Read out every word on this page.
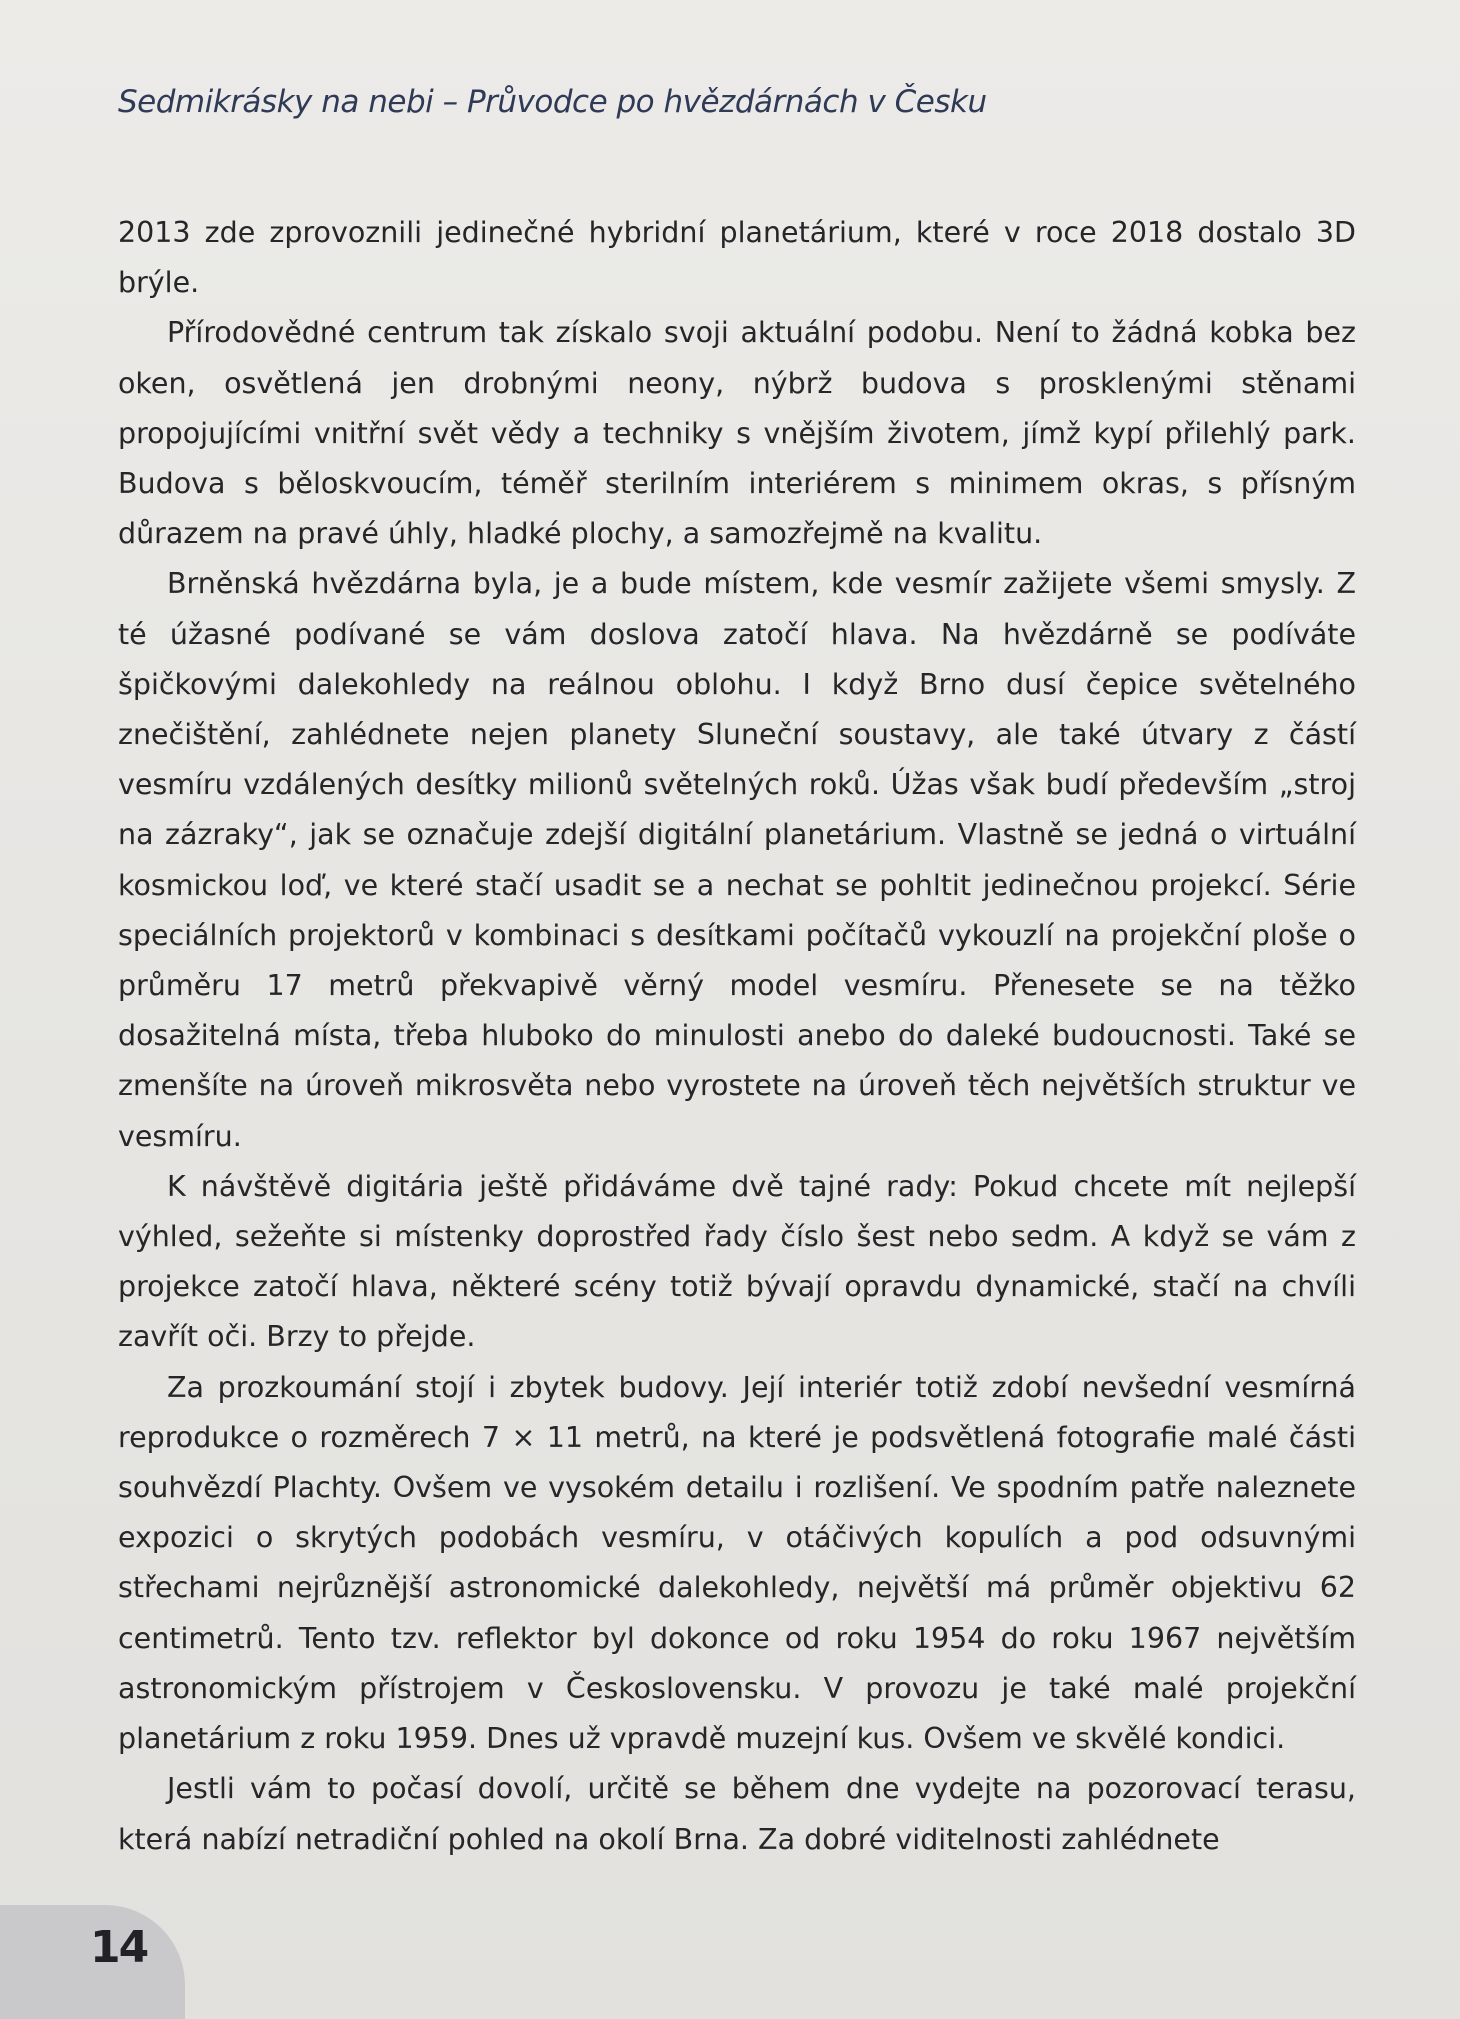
Sedmikrásky na nebi – Průvodce po hvězdárnách v Česku

2013 zde zprovoznili jedinečné hybridní planetárium, které v roce 2018 dostalo 3D brýle.

Přírodovědné centrum tak získalo svoji aktuální podobu. Není to žádná kobka bez oken, osvětlená jen drobnými neony, nýbrž budova s prosklenými stěnami propojujícími vnitřní svět vědy a techniky s vnějším životem, jímž kypí přilehlý park. Budova s běloskvoucím, téměř sterilním interiérem s minimem okras, s přísným důrazem na pravé úhly, hladké plochy, a samozřejmě na kvalitu.

Brněnská hvězdárna byla, je a bude místem, kde vesmír zažijete všemi smysly. Z té úžasné podívané se vám doslova zatočí hlava. Na hvězdárně se podíváte špičkovými dalekohledy na reálnou oblohu. I když Brno dusí čepice světelného znečištění, zahlédnete nejen planety Sluneční soustavy, ale také útvary z částí vesmíru vzdálených desítky milionů světelných roků. Úžas však budí především „stroj na zázraky“, jak se označuje zdejší digitální planetárium. Vlastně se jedná o virtuální kosmickou loď, ve které stačí usadit se a nechat se pohltit jedinečnou projekcí. Série speciálních projektorů v kombinaci s desítkami počítačů vykouzlí na projekční ploše o průměru 17 metrů překvapivě věrný model vesmíru. Přenesete se na těžko dosažitelná místa, třeba hluboko do minulosti anebo do daleké budoucnosti. Také se zmenšíte na úroveň mikrosvěta nebo vyrostete na úroveň těch největších struktur ve vesmíru.

K návštěvě digitária ještě přidáváme dvě tajné rady: Pokud chcete mít nejlepší výhled, sežeňte si místenky doprostřed řady číslo šest nebo sedm. A když se vám z projekce zatočí hlava, některé scény totiž bývají opravdu dynamické, stačí na chvíli zavřít oči. Brzy to přejde.

Za prozkoumání stojí i zbytek budovy. Její interiér totiž zdobí nevšední vesmírná reprodukce o rozměrech 7 × 11 metrů, na které je podsvětlená fotografie malé části souhvězdí Plachty. Ovšem ve vysokém detailu i rozlišení. Ve spodním patře naleznete expozici o skrytých podobách vesmíru, v otáčivých kopulích a pod odsuvnými střechami nejrůznější astronomické dalekohledy, největší má průměr objektivu 62 centimetrů. Tento tzv. reflektor byl dokonce od roku 1954 do roku 1967 největším astronomickým přístrojem v Československu. V provozu je také malé projekční planetárium z roku 1959. Dnes už vpravdě muzejní kus. Ovšem ve skvělé kondici.

Jestli vám to počasí dovolí, určitě se během dne vydejte na pozorovací terasu, která nabízí netradiční pohled na okolí Brna. Za dobré viditelnosti zahlédnete

14
